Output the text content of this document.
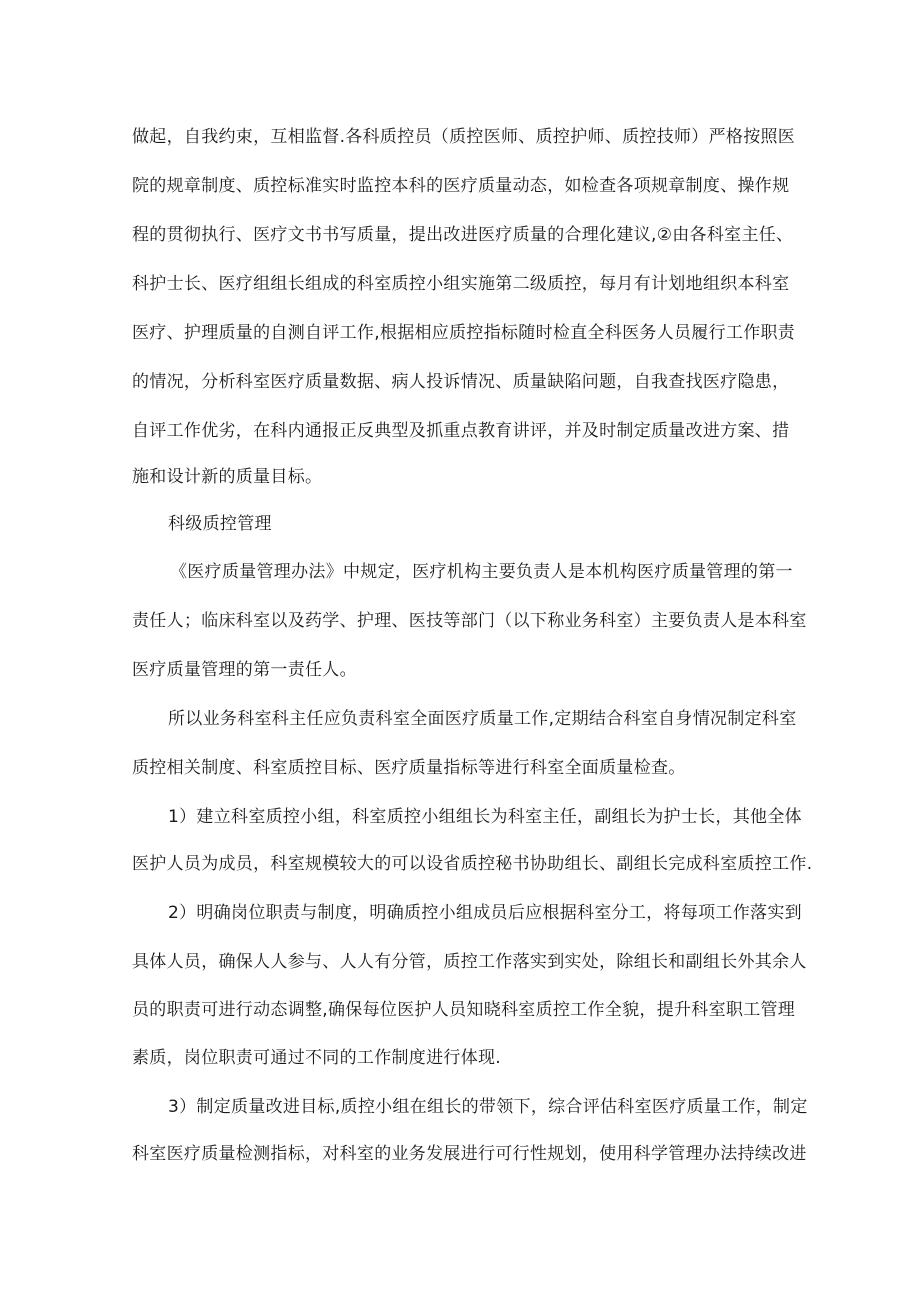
做起，自我约束，互相监督.各科质控员（质控医师、质控护师、质控技师）严格按照医
院的规章制度、质控标准实时监控本科的医疗质量动态，如检查各项规章制度、操作规
程的贯彻执行、医疗文书书写质量，提出改进医疗质量的合理化建议,②由各科室主任、
科护士长、医疗组组长组成的科室质控小组实施第二级质控，每月有计划地组织本科室
医疗、护理质量的自测自评工作,根据相应质控指标随时检直全科医务人员履行工作职责
的情况，分析科室医疗质量数据、病人投诉情况、质量缺陷问题，自我查找医疗隐患，
自评工作优劣，在科内通报正反典型及抓重点教育讲评，并及时制定质量改进方案、措
施和设计新的质量目标。
科级质控管理
《医疗质量管理办法》中规定，医疗机构主要负责人是本机构医疗质量管理的第一
责任人；临床科室以及药学、护理、医技等部门（以下称业务科室）主要负责人是本科室
医疗质量管理的第一责任人。
所以业务科室科主任应负责科室全面医疗质量工作,定期结合科室自身情况制定科室
质控相关制度、科室质控目标、医疗质量指标等进行科室全面质量检查。
1）建立科室质控小组，科室质控小组组长为科室主任，副组长为护士长，其他全体
医护人员为成员，科室规模较大的可以设省质控秘书协助组长、副组长完成科室质控工作.
2）明确岗位职责与制度，明确质控小组成员后应根据科室分工，将每项工作落实到
具体人员，确保人人参与、人人有分管，质控工作落实到实处，除组长和副组长外其余人
员的职责可进行动态调整,确保每位医护人员知晓科室质控工作全貌，提升科室职工管理
素质，岗位职责可通过不同的工作制度进行体现.
3）制定质量改进目标,质控小组在组长的带领下，综合评估科室医疗质量工作，制定
科室医疗质量检测指标，对科室的业务发展进行可行性规划，使用科学管理办法持续改进
